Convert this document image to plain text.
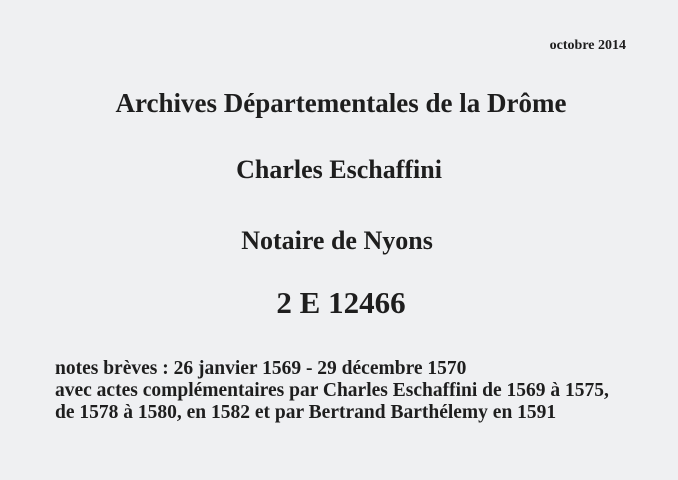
octobre 2014
Archives Départementales de la Drôme
Charles Eschaffini
Notaire de Nyons
2 E 12466
notes brèves : 26 janvier 1569 - 29 décembre 1570
avec actes complémentaires par Charles Eschaffini de 1569 à 1575,
de 1578 à 1580, en 1582 et par Bertrand Barthélemy en 1591
